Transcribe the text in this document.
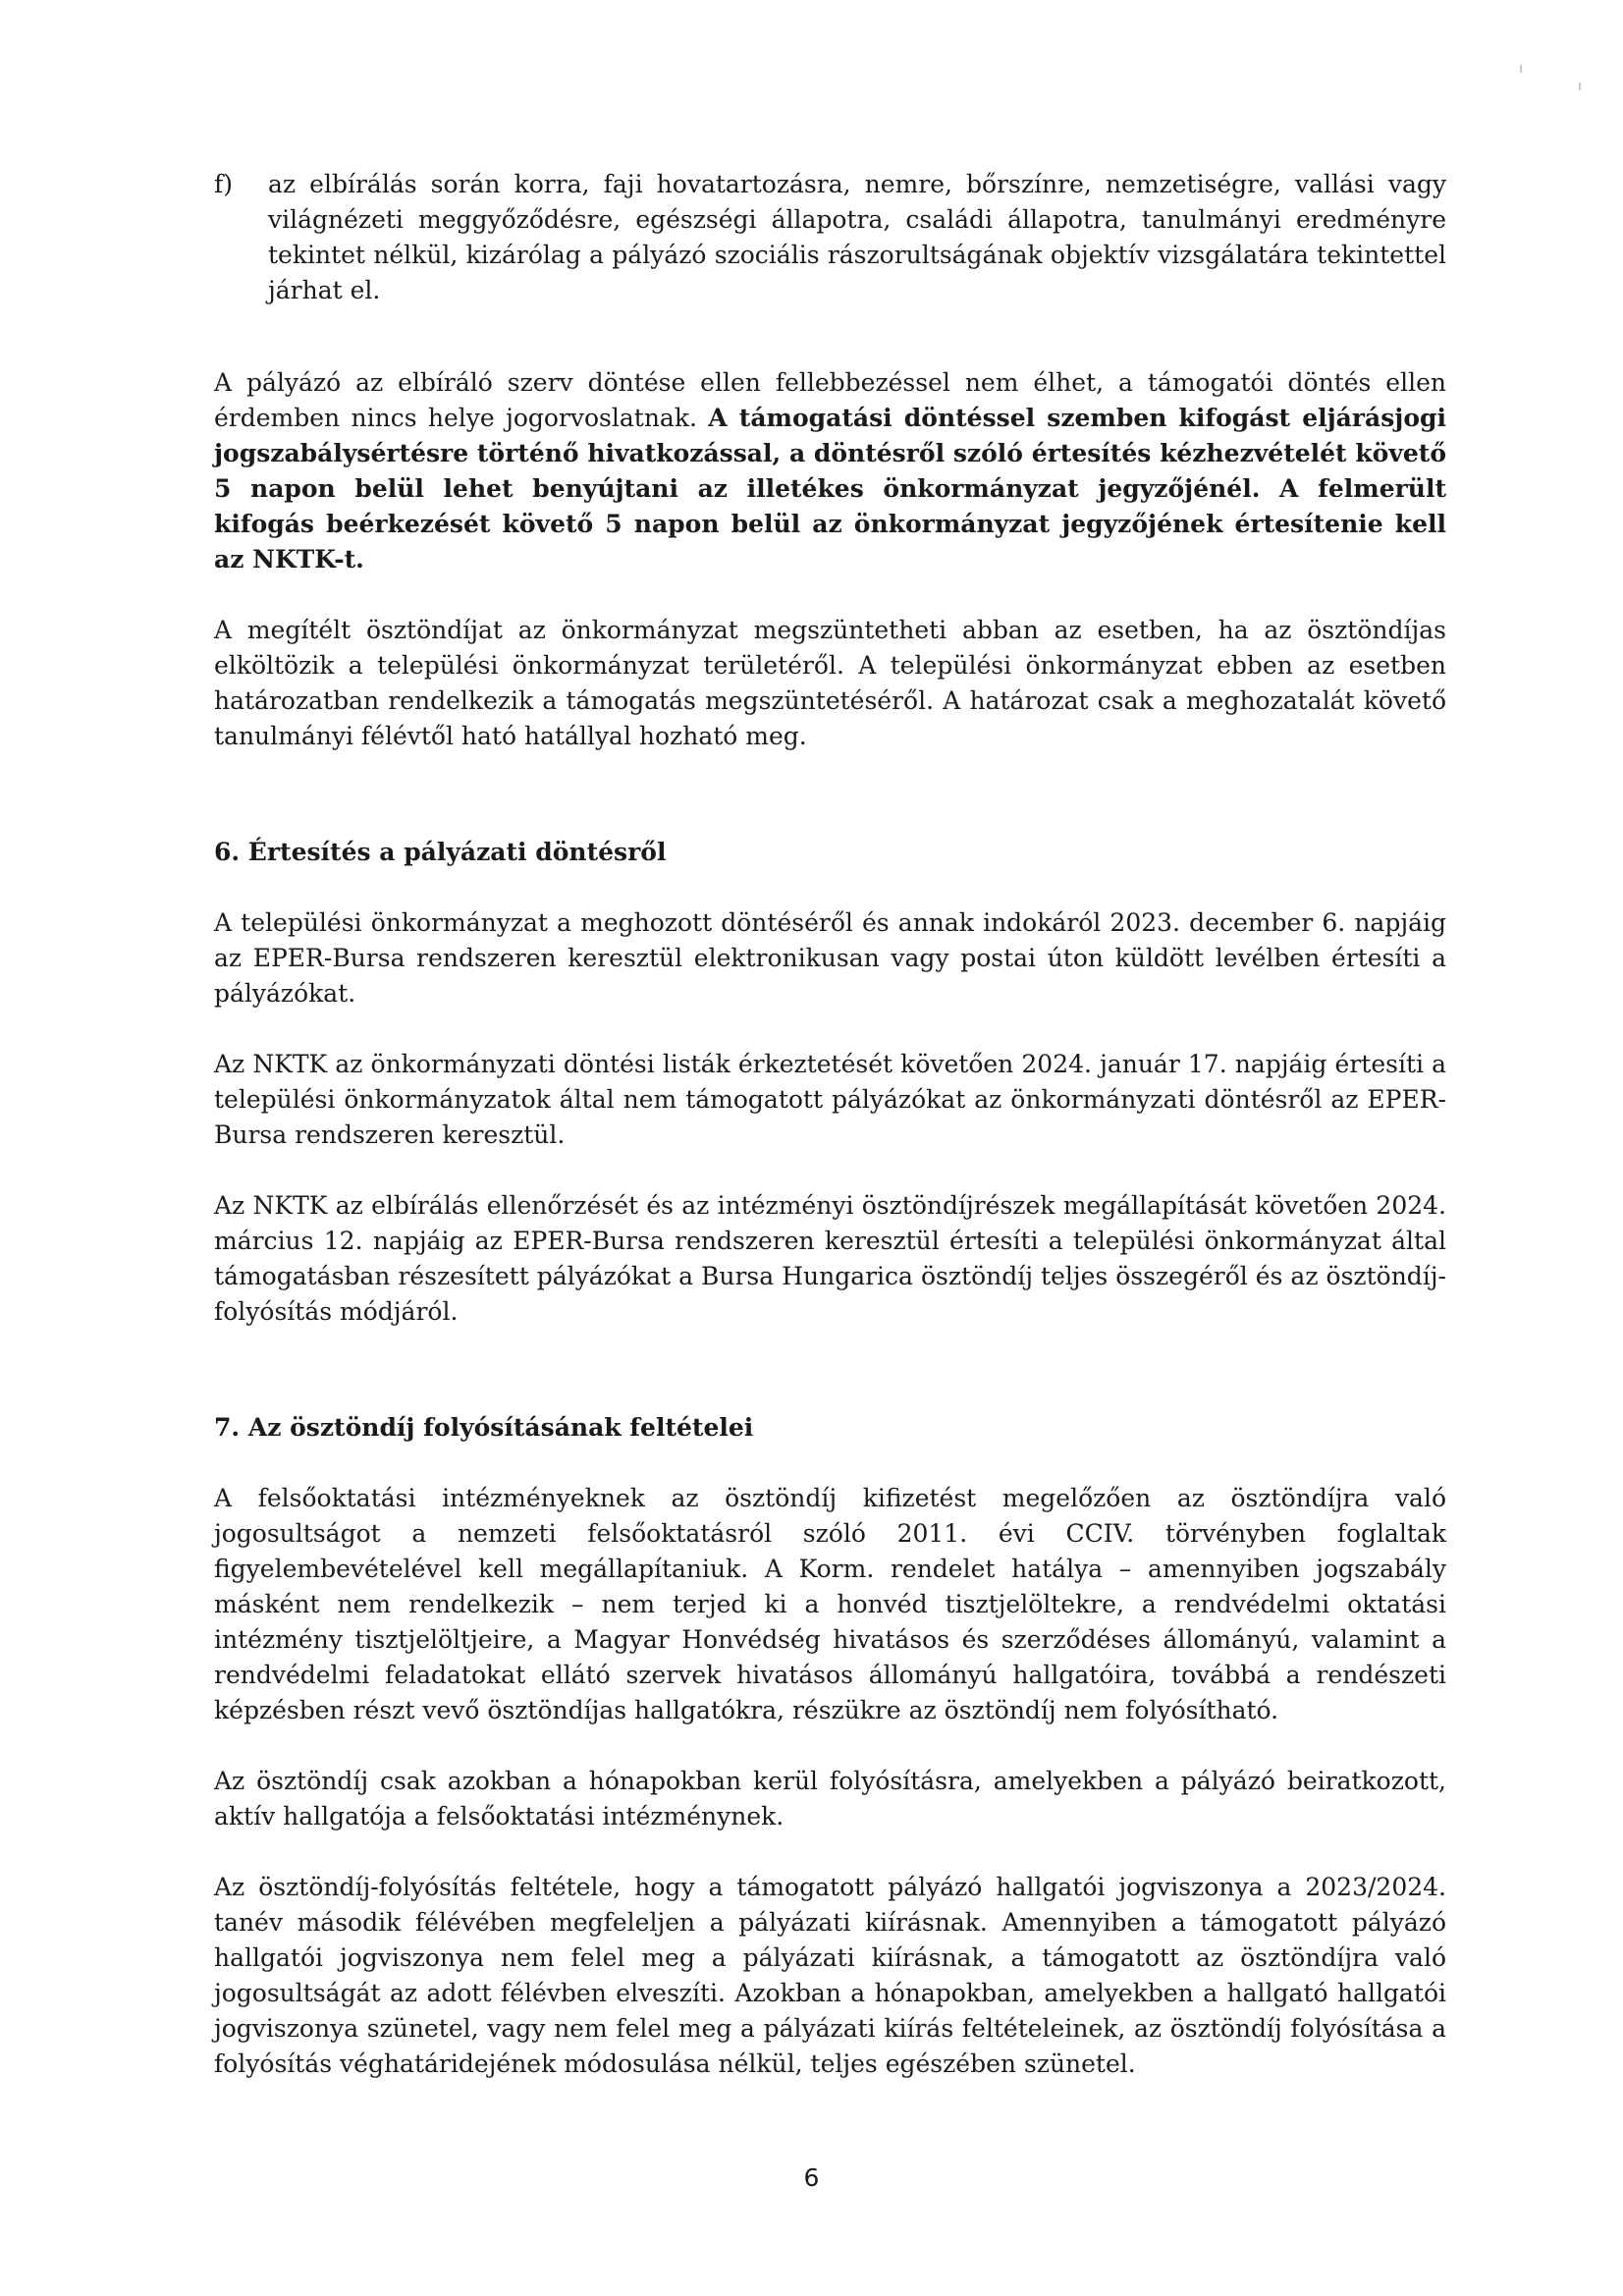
f) az elbírálás során korra, faji hovatartozásra, nemre, bőrszínre, nemzetiségre, vallási vagy világnézeti meggyőződésre, egészségi állapotra, családi állapotra, tanulmányi eredményre tekintet nélkül, kizárólag a pályázó szociális rászorultságának objektív vizsgálatára tekintettel járhat el.

A pályázó az elbíráló szerv döntése ellen fellebbezéssel nem élhet, a támogatói döntés ellen érdemben nincs helye jogorvoslatnak. A támogatási döntéssel szemben kifogást eljárásjogi jogszabálysértésre történő hivatkozással, a döntésről szóló értesítés kézhezvételét követő 5 napon belül lehet benyújtani az illetékes önkormányzat jegyzőjénél. A felmerült kifogás beérkezését követő 5 napon belül az önkormányzat jegyzőjének értesítenie kell az NKTK-t.

A megítélt ösztöndíjat az önkormányzat megszüntetheti abban az esetben, ha az ösztöndíjas elköltözik a települési önkormányzat területéről. A települési önkormányzat ebben az esetben határozatban rendelkezik a támogatás megszüntetéséről. A határozat csak a meghozatalát követő tanulmányi félévtől ható hatállyal hozható meg.

6. Értesítés a pályázati döntésről

A települési önkormányzat a meghozott döntéséről és annak indokáról 2023. december 6. napjáig az EPER-Bursa rendszeren keresztül elektronikusan vagy postai úton küldött levélben értesíti a pályázókat.

Az NKTK az önkormányzati döntési listák érkeztetését követően 2024. január 17. napjáig értesíti a települési önkormányzatok által nem támogatott pályázókat az önkormányzati döntésről az EPER-Bursa rendszeren keresztül.

Az NKTK az elbírálás ellenőrzését és az intézményi ösztöndíjrészek megállapítását követően 2024. március 12. napjáig az EPER-Bursa rendszeren keresztül értesíti a települési önkormányzat által támogatásban részesített pályázókat a Bursa Hungarica ösztöndíj teljes összegéről és az ösztöndíj-folyósítás módjáról.

7. Az ösztöndíj folyósításának feltételei

A felsőoktatási intézményeknek az ösztöndíj kifizetést megelőzően az ösztöndíjra való jogosultságot a nemzeti felsőoktatásról szóló 2011. évi CCIV. törvényben foglaltak figyelembevételével kell megállapítaniuk. A Korm. rendelet hatálya – amennyiben jogszabály másként nem rendelkezik – nem terjed ki a honvéd tisztjelöltekre, a rendvédelmi oktatási intézmény tisztjelöltjeire, a Magyar Honvédség hivatásos és szerződéses állományú, valamint a rendvédelmi feladatokat ellátó szervek hivatásos állományú hallgatóira, továbbá a rendészeti képzésben részt vevő ösztöndíjas hallgatókra, részükre az ösztöndíj nem folyósítható.

Az ösztöndíj csak azokban a hónapokban kerül folyósításra, amelyekben a pályázó beiratkozott, aktív hallgatója a felsőoktatási intézménynek.

Az ösztöndíj-folyósítás feltétele, hogy a támogatott pályázó hallgatói jogviszonya a 2023/2024. tanév második félévében megfeleljen a pályázati kiírásnak. Amennyiben a támogatott pályázó hallgatói jogviszonya nem felel meg a pályázati kiírásnak, a támogatott az ösztöndíjra való jogosultságát az adott félévben elveszíti. Azokban a hónapokban, amelyekben a hallgató hallgatói jogviszonya szünetel, vagy nem felel meg a pályázati kiírás feltételeinek, az ösztöndíj folyósítása a folyósítás véghatáridejének módosulása nélkül, teljes egészében szünetel.

6
